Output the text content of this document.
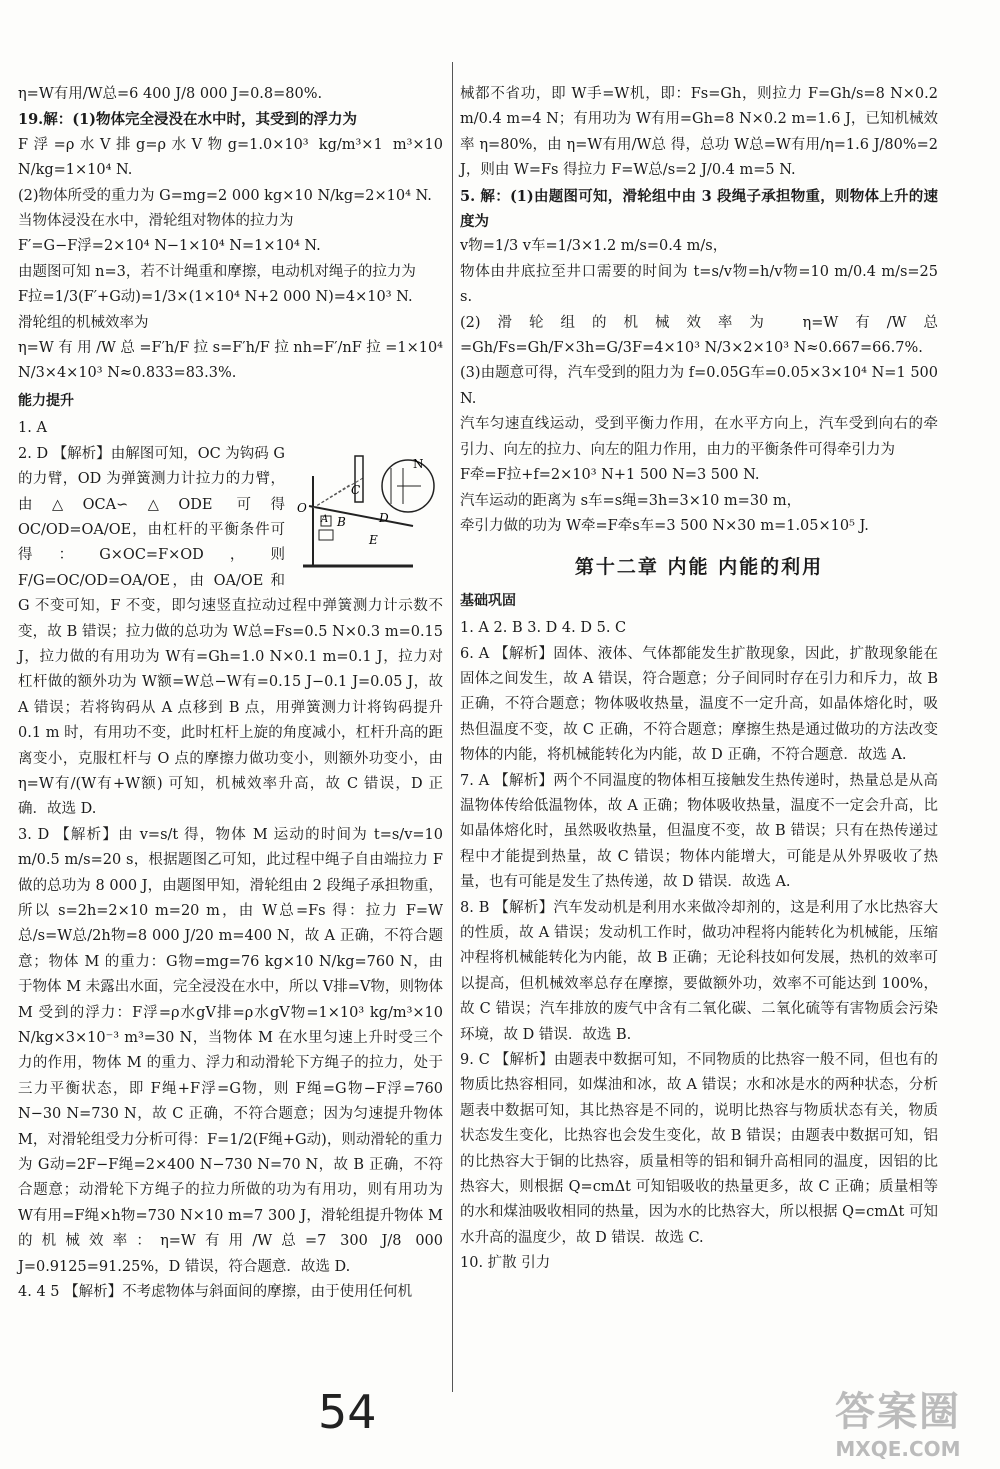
η=W有用/W总=6 400 J/8 000 J=0.8=80%.

19.解：(1)物体完全浸没在水中时，其受到的浮力为

F浮=ρ水V排g=ρ水V物g=1.0×10³ kg/m³×1 m³×10 N/kg=1×10⁴ N.

(2)物体所受的重力为 G=mg=2 000 kg×10 N/kg=2×10⁴ N.

当物体浸没在水中，滑轮组对物体的拉力为

F′=G−F浮=2×10⁴ N−1×10⁴ N=1×10⁴ N.

由题图可知 n=3，若不计绳重和摩擦，电动机对绳子的拉力为

F拉=1/3(F′+G动)=1/3×(1×10⁴ N+2 000 N)=4×10³ N.

滑轮组的机械效率为

η=W有用/W总=F′h/F拉s=F′h/F拉nh=F′/nF拉=1×10⁴ N/3×4×10³ N≈0.833=83.3%.

能力提升

1. A

N
O
C
A B	D
E

2. D 【解析】由解图可知，OC 为钩码 G 的力臂，OD 为弹簧测力计拉力的力臂，由△OCA∽△ODE 可得 OC/OD=OA/OE，由杠杆的平衡条件可得：G×OC=F×OD，则 F/G=OC/OD=OA/OE，由 OA/OE 和 G 不变可知，F 不变，即匀速竖直拉动过程中弹簧测力计示数不变，故 B 错误；拉力做的总功为 W总=Fs=0.5 N×0.3 m=0.15 J，拉力做的有用功为 W有=Gh=1.0 N×0.1 m=0.1 J，拉力对杠杆做的额外功为 W额=W总−W有=0.15 J−0.1 J=0.05 J，故 A 错误；若将钩码从 A 点移到 B 点，用弹簧测力计将钩码提升 0.1 m 时，有用功不变，此时杠杆上旋的角度减小，杠杆升高的距离变小，克服杠杆与 O 点的摩擦力做功变小，则额外功变小，由 η=W有/(W有+W额) 可知，机械效率升高，故 C 错误，D 正确．故选 D.

3. D 【解析】由 v=s/t 得，物体 M 运动的时间为 t=s/v=10 m/0.5 m/s=20 s，根据题图乙可知，此过程中绳子自由端拉力 F 做的总功为 8 000 J，由题图甲知，滑轮组由 2 段绳子承担物重，所以 s=2h=2×10 m=20 m，由 W总=Fs 得：拉力 F=W总/s=W总/2h物=8 000 J/20 m=400 N，故 A 正确，不符合题意；物体 M 的重力：G物=mg=76 kg×10 N/kg=760 N，由于物体 M 未露出水面，完全浸没在水中，所以 V排=V物，则物体 M 受到的浮力：F浮=ρ水gV排=ρ水gV物=1×10³ kg/m³×10 N/kg×3×10⁻³ m³=30 N，当物体 M 在水里匀速上升时受三个力的作用，物体 M 的重力、浮力和动滑轮下方绳子的拉力，处于三力平衡状态，即 F绳+F浮=G物，则 F绳=G物−F浮=760 N−30 N=730 N，故 C 正确，不符合题意；因为匀速提升物体 M，对滑轮组受力分析可得：F=1/2(F绳+G动)，则动滑轮的重力为 G动=2F−F绳=2×400 N−730 N=70 N，故 B 正确，不符合题意；动滑轮下方绳子的拉力所做的功为有用功，则有用功为 W有用=F绳×h物=730 N×10 m=7 300 J，滑轮组提升物体 M 的机械效率：η=W有用/W总=7 300 J/8 000 J=0.9125=91.25%，D 错误，符合题意．故选 D.

4. 4 5 【解析】不考虑物体与斜面间的摩擦，由于使用任何机

械都不省功，即 W手=W机，即：Fs=Gh，则拉力 F=Gh/s=8 N×0.2 m/0.4 m=4 N；有用功为 W有用=Gh=8 N×0.2 m=1.6 J，已知机械效率 η=80%，由 η=W有用/W总 得，总功 W总=W有用/η=1.6 J/80%=2 J，则由 W=Fs 得拉力 F=W总/s=2 J/0.4 m=5 N.

5. 解：(1)由题图可知，滑轮组中由 3 段绳子承担物重，则物体上升的速度为

v物=1/3 v车=1/3×1.2 m/s=0.4 m/s，

物体由井底拉至井口需要的时间为 t=s/v物=h/v物=10 m/0.4 m/s=25 s.

(2)滑轮组的机械效率为 η=W有/W总=Gh/Fs=Gh/F×3h=G/3F=4×10³ N/3×2×10³ N≈0.667=66.7%.

(3)由题意可得，汽车受到的阻力为 f=0.05G车=0.05×3×10⁴ N=1 500 N.

汽车匀速直线运动，受到平衡力作用，在水平方向上，汽车受到向右的牵引力、向左的拉力、向左的阻力作用，由力的平衡条件可得牵引力为

F牵=F拉+f=2×10³ N+1 500 N=3 500 N.

汽车运动的距离为 s车=s绳=3h=3×10 m=30 m，

牵引力做的功为 W牵=F牵s车=3 500 N×30 m=1.05×10⁵ J.

第十二章 内能 内能的利用

基础巩固

1. A 2. B 3. D 4. D 5. C

6. A 【解析】固体、液体、气体都能发生扩散现象，因此，扩散现象能在固体之间发生，故 A 错误，符合题意；分子间同时存在引力和斥力，故 B 正确，不符合题意；物体吸收热量，温度不一定升高，如晶体熔化时，吸热但温度不变，故 C 正确，不符合题意；摩擦生热是通过做功的方法改变物体的内能，将机械能转化为内能，故 D 正确，不符合题意．故选 A.

7. A 【解析】两个不同温度的物体相互接触发生热传递时，热量总是从高温物体传给低温物体，故 A 正确；物体吸收热量，温度不一定会升高，比如晶体熔化时，虽然吸收热量，但温度不变，故 B 错误；只有在热传递过程中才能提到热量，故 C 错误；物体内能增大，可能是从外界吸收了热量，也有可能是发生了热传递，故 D 错误．故选 A.

8. B 【解析】汽车发动机是利用水来做冷却剂的，这是利用了水比热容大的性质，故 A 错误；发动机工作时，做功冲程将内能转化为机械能，压缩冲程将机械能转化为内能，故 B 正确；无论科技如何发展，热机的效率可以提高，但机械效率总存在摩擦，要做额外功，效率不可能达到 100%，故 C 错误；汽车排放的废气中含有二氧化碳、二氧化硫等有害物质会污染环境，故 D 错误．故选 B.

9. C 【解析】由题表中数据可知，不同物质的比热容一般不同，但也有的物质比热容相同，如煤油和冰，故 A 错误；水和冰是水的两种状态，分析题表中数据可知，其比热容是不同的，说明比热容与物质状态有关，物质状态发生变化，比热容也会发生变化，故 B 错误；由题表中数据可知，铝的比热容大于铜的比热容，质量相等的铝和铜升高相同的温度，因铝的比热容大，则根据 Q=cmΔt 可知铝吸收的热量更多，故 C 正确；质量相等的水和煤油吸收相同的热量，因为水的比热容大，所以根据 Q=cmΔt 可知水升高的温度少，故 D 错误．故选 C.

10. 扩散 引力

54	答案圈
MXQE.COM
